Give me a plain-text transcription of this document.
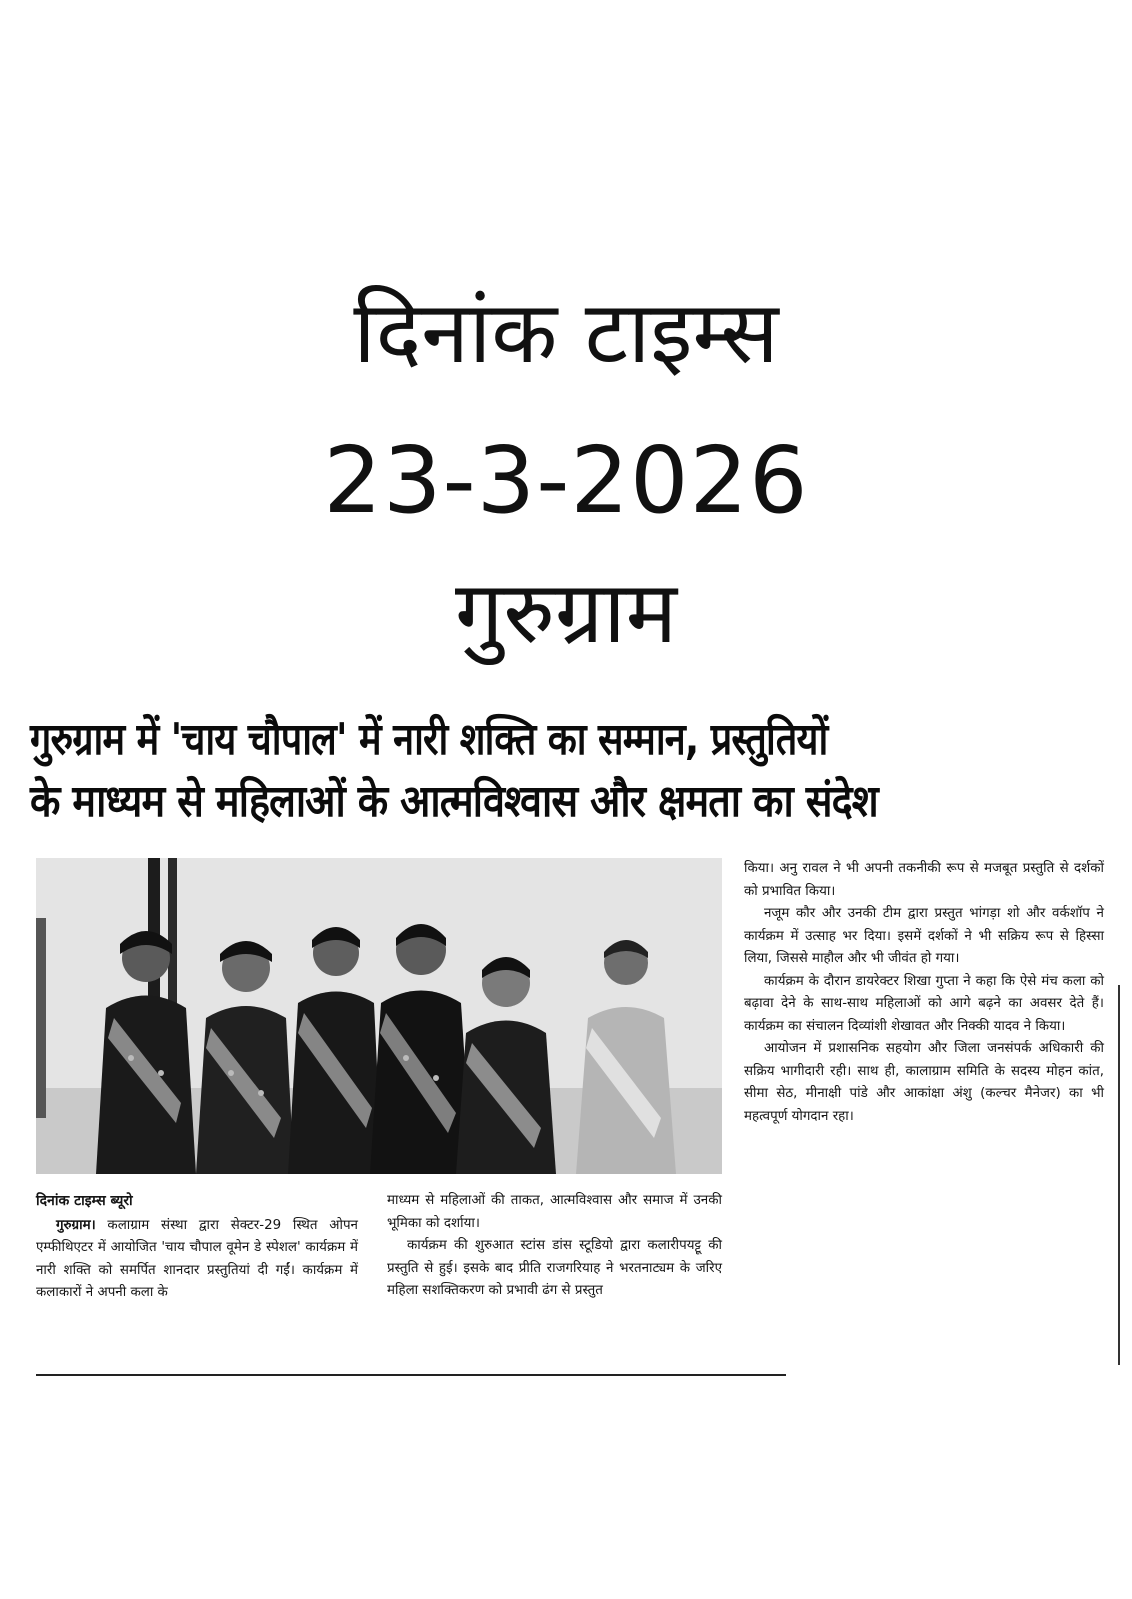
दिनांक टाइम्स
23-3-2026
गुरुग्राम
गुरुग्राम में 'चाय चौपाल' में नारी शक्ति का सम्मान, प्रस्तुतियों
के माध्यम से महिलाओं के आत्मविश्वास और क्षमता का संदेश
दिनांक टाइम्स ब्यूरो

गुरुग्राम। कलाग्राम संस्था द्वारा सेक्टर-29 स्थित ओपन एम्फीथिएटर में आयोजित 'चाय चौपाल वूमेन डे स्पेशल' कार्यक्रम में नारी शक्ति को समर्पित शानदार प्रस्तुतियां दी गईं। कार्यक्रम में कलाकारों ने अपनी कला के

माध्यम से महिलाओं की ताकत, आत्मविश्वास और समाज में उनकी भूमिका को दर्शाया।

कार्यक्रम की शुरुआत स्टांस डांस स्टूडियो द्वारा कलारीपयट्टू की प्रस्तुति से हुई। इसके बाद प्रीति राजगरियाह ने भरतनाट्यम के जरिए महिला सशक्तिकरण को प्रभावी ढंग से प्रस्तुत

किया। अनु रावल ने भी अपनी तकनीकी रूप से मजबूत प्रस्तुति से दर्शकों को प्रभावित किया।

नजूम कौर और उनकी टीम द्वारा प्रस्तुत भांगड़ा शो और वर्कशॉप ने कार्यक्रम में उत्साह भर दिया। इसमें दर्शकों ने भी सक्रिय रूप से हिस्सा लिया, जिससे माहौल और भी जीवंत हो गया।

कार्यक्रम के दौरान डायरेक्टर शिखा गुप्ता ने कहा कि ऐसे मंच कला को बढ़ावा देने के साथ-साथ महिलाओं को आगे बढ़ने का अवसर देते हैं। कार्यक्रम का संचालन दिव्यांशी शेखावत और निक्की यादव ने किया।

आयोजन में प्रशासनिक सहयोग और जिला जनसंपर्क अधिकारी की सक्रिय भागीदारी रही। साथ ही, कालाग्राम समिति के सदस्य मोहन कांत, सीमा सेठ, मीनाक्षी पांडे और आकांक्षा अंशु (कल्चर मैनेजर) का भी महत्वपूर्ण योगदान रहा।
